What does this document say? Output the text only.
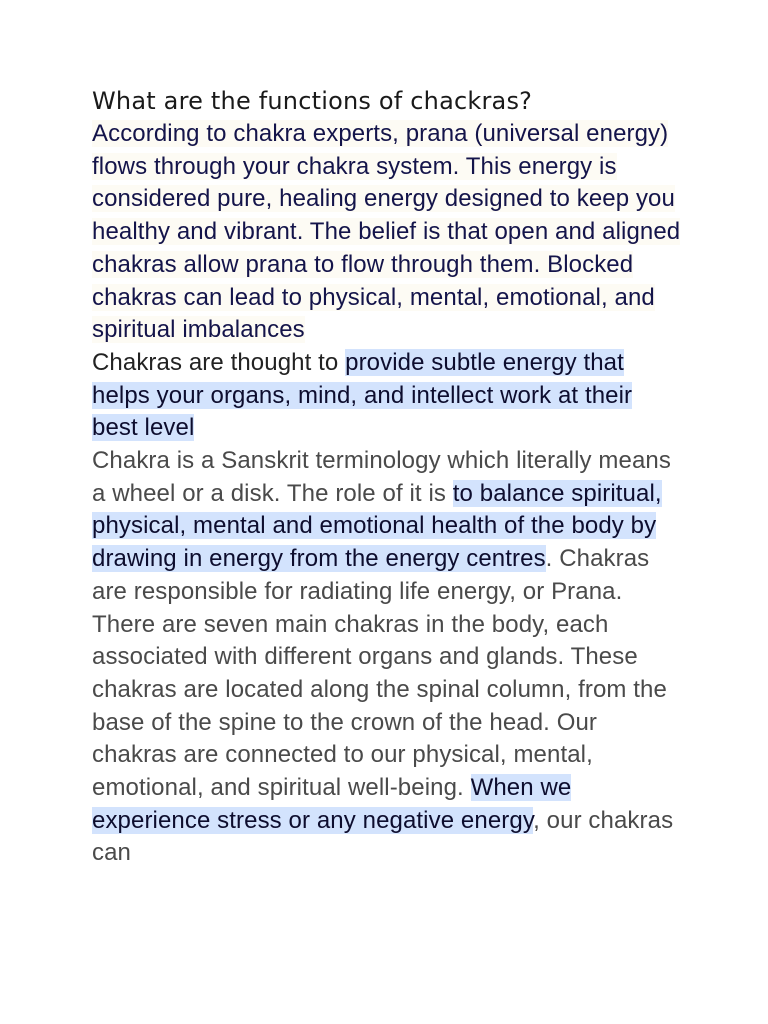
What are the functions of chackras?

According to chakra experts, prana (universal energy) flows through your chakra system. This energy is considered pure, healing energy designed to keep you healthy and vibrant. The belief is that open and aligned chakras allow prana to flow through them. Blocked chakras can lead to physical, mental, emotional, and spiritual imbalances

Chakras are thought to provide subtle energy that helps your organs, mind, and intellect work at their best level

Chakra is a Sanskrit terminology which literally means a wheel or a disk. The role of it is to balance spiritual, physical, mental and emotional health of the body by drawing in energy from the energy centres. Chakras are responsible for radiating life energy, or Prana. There are seven main chakras in the body, each associated with different organs and glands. These chakras are located along the spinal column, from the base of the spine to the crown of the head. Our chakras are connected to our physical, mental, emotional, and spiritual well-being. When we experience stress or any negative energy, our chakras can
